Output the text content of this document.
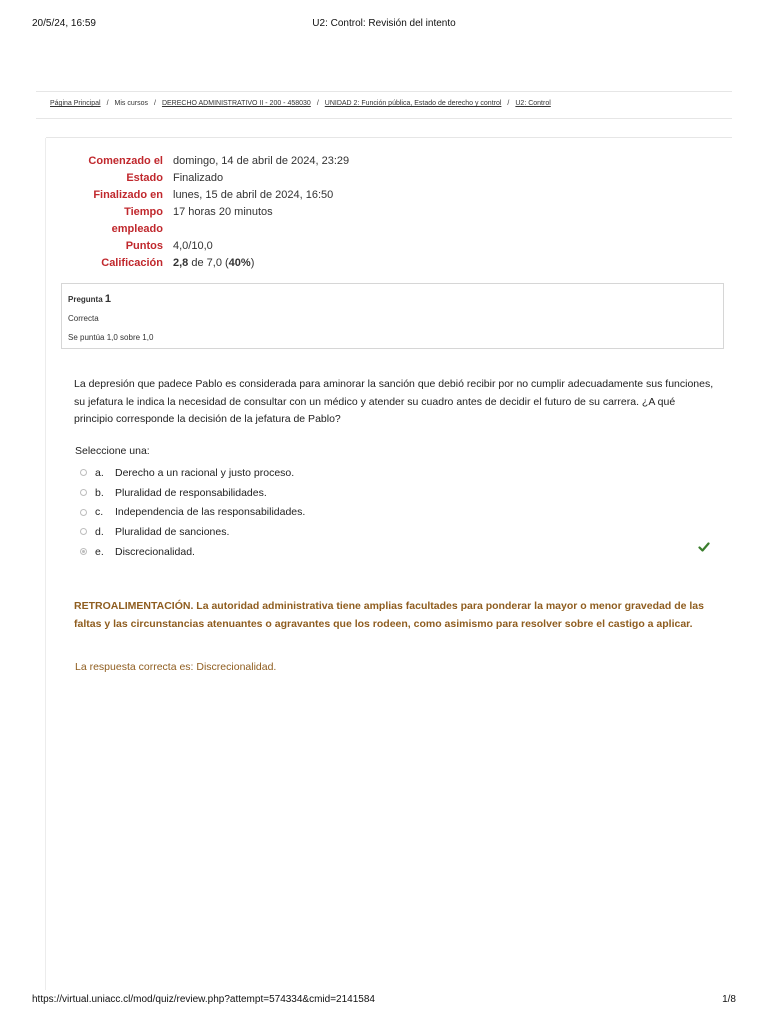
U2: Control: Revisión del intento
20/5/24, 16:59
Página Principal / Mis cursos / DERECHO ADMINISTRATIVO II - 200 - 458030 / UNIDAD 2: Función pública, Estado de derecho y control / U2: Control
Comenzado el domingo, 14 de abril de 2024, 23:29
Estado Finalizado
Finalizado en lunes, 15 de abril de 2024, 16:50
Tiempo
empleado
17 horas 20 minutos
Puntos 4,0/10,0
Calificación 2,8 de 7,0 (40%)
Pregunta 1
Correcta
Se puntúa 1,0 sobre 1,0
La depresión que padece Pablo es considerada para aminorar la sanción que debió recibir por no cumplir adecuadamente sus funciones, su jefatura le indica la necesidad de consultar con un médico y atender su cuadro antes de decidir el futuro de su carrera. ¿A qué principio corresponde la decisión de la jefatura de Pablo?
Seleccione una:
a.	Derecho a un racional y justo proceso.
b.	Pluralidad de responsabilidades.
c.	Independencia de las responsabilidades.
d.	Pluralidad de sanciones.
e.	Discrecionalidad.
RETROALIMENTACIÓN. La autoridad administrativa tiene amplias facultades para ponderar la mayor o menor gravedad de las faltas y las circunstancias atenuantes o agravantes que los rodeen, como asimismo para resolver sobre el castigo a aplicar.
La respuesta correcta es: Discrecionalidad.
https://virtual.uniacc.cl/mod/quiz/review.php?attempt=574334&cmid=2141584	1/8
